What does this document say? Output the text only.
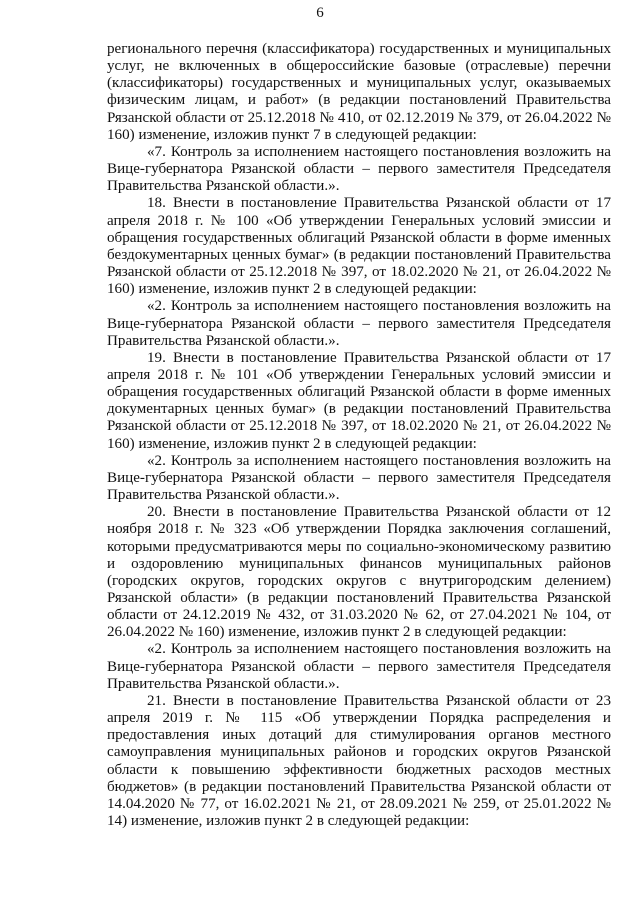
6

регионального перечня (классификатора) государственных и муниципальных услуг, не включенных в общероссийские базовые (отраслевые) перечни (классификаторы) государственных и муниципальных услуг, оказываемых физическим лицам, и работ» (в редакции постановлений Правительства Рязанской области от 25.12.2018 № 410, от 02.12.2019 № 379, от 26.04.2022 № 160) изменение, изложив пункт 7 в следующей редакции:

«7. Контроль за исполнением настоящего постановления возложить на Вице-губернатора Рязанской области – первого заместителя Председателя Правительства Рязанской области.».

18. Внести в постановление Правительства Рязанской области от 17 апреля 2018 г. № 100 «Об утверждении Генеральных условий эмиссии и обращения государственных облигаций Рязанской области в форме именных бездокументарных ценных бумаг» (в редакции постановлений Правительства Рязанской области от 25.12.2018 № 397, от 18.02.2020 № 21, от 26.04.2022 № 160) изменение, изложив пункт 2 в следующей редакции:

«2. Контроль за исполнением настоящего постановления возложить на Вице-губернатора Рязанской области – первого заместителя Председателя Правительства Рязанской области.».

19. Внести в постановление Правительства Рязанской области от 17 апреля 2018 г. № 101 «Об утверждении Генеральных условий эмиссии и обращения государственных облигаций Рязанской области в форме именных документарных ценных бумаг» (в редакции постановлений Правительства Рязанской области от 25.12.2018 № 397, от 18.02.2020 № 21, от 26.04.2022 № 160) изменение, изложив пункт 2 в следующей редакции:

«2. Контроль за исполнением настоящего постановления возложить на Вице-губернатора Рязанской области – первого заместителя Председателя Правительства Рязанской области.».

20. Внести в постановление Правительства Рязанской области от 12 ноября 2018 г. № 323 «Об утверждении Порядка заключения соглашений, которыми предусматриваются меры по социально-экономическому развитию и оздоровлению муниципальных финансов муниципальных районов (городских округов, городских округов с внутригородским делением) Рязанской области» (в редакции постановлений Правительства Рязанской области от 24.12.2019 № 432, от 31.03.2020 № 62, от 27.04.2021 № 104, от 26.04.2022 № 160) изменение, изложив пункт 2 в следующей редакции:

«2. Контроль за исполнением настоящего постановления возложить на Вице-губернатора Рязанской области – первого заместителя Председателя Правительства Рязанской области.».

21. Внести в постановление Правительства Рязанской области от 23 апреля 2019 г. № 115 «Об утверждении Порядка распределения и предоставления иных дотаций для стимулирования органов местного самоуправления муниципальных районов и городских округов Рязанской области к повышению эффективности бюджетных расходов местных бюджетов» (в редакции постановлений Правительства Рязанской области от 14.04.2020 № 77, от 16.02.2021 № 21, от 28.09.2021 № 259, от 25.01.2022 № 14) изменение, изложив пункт 2 в следующей редакции:
